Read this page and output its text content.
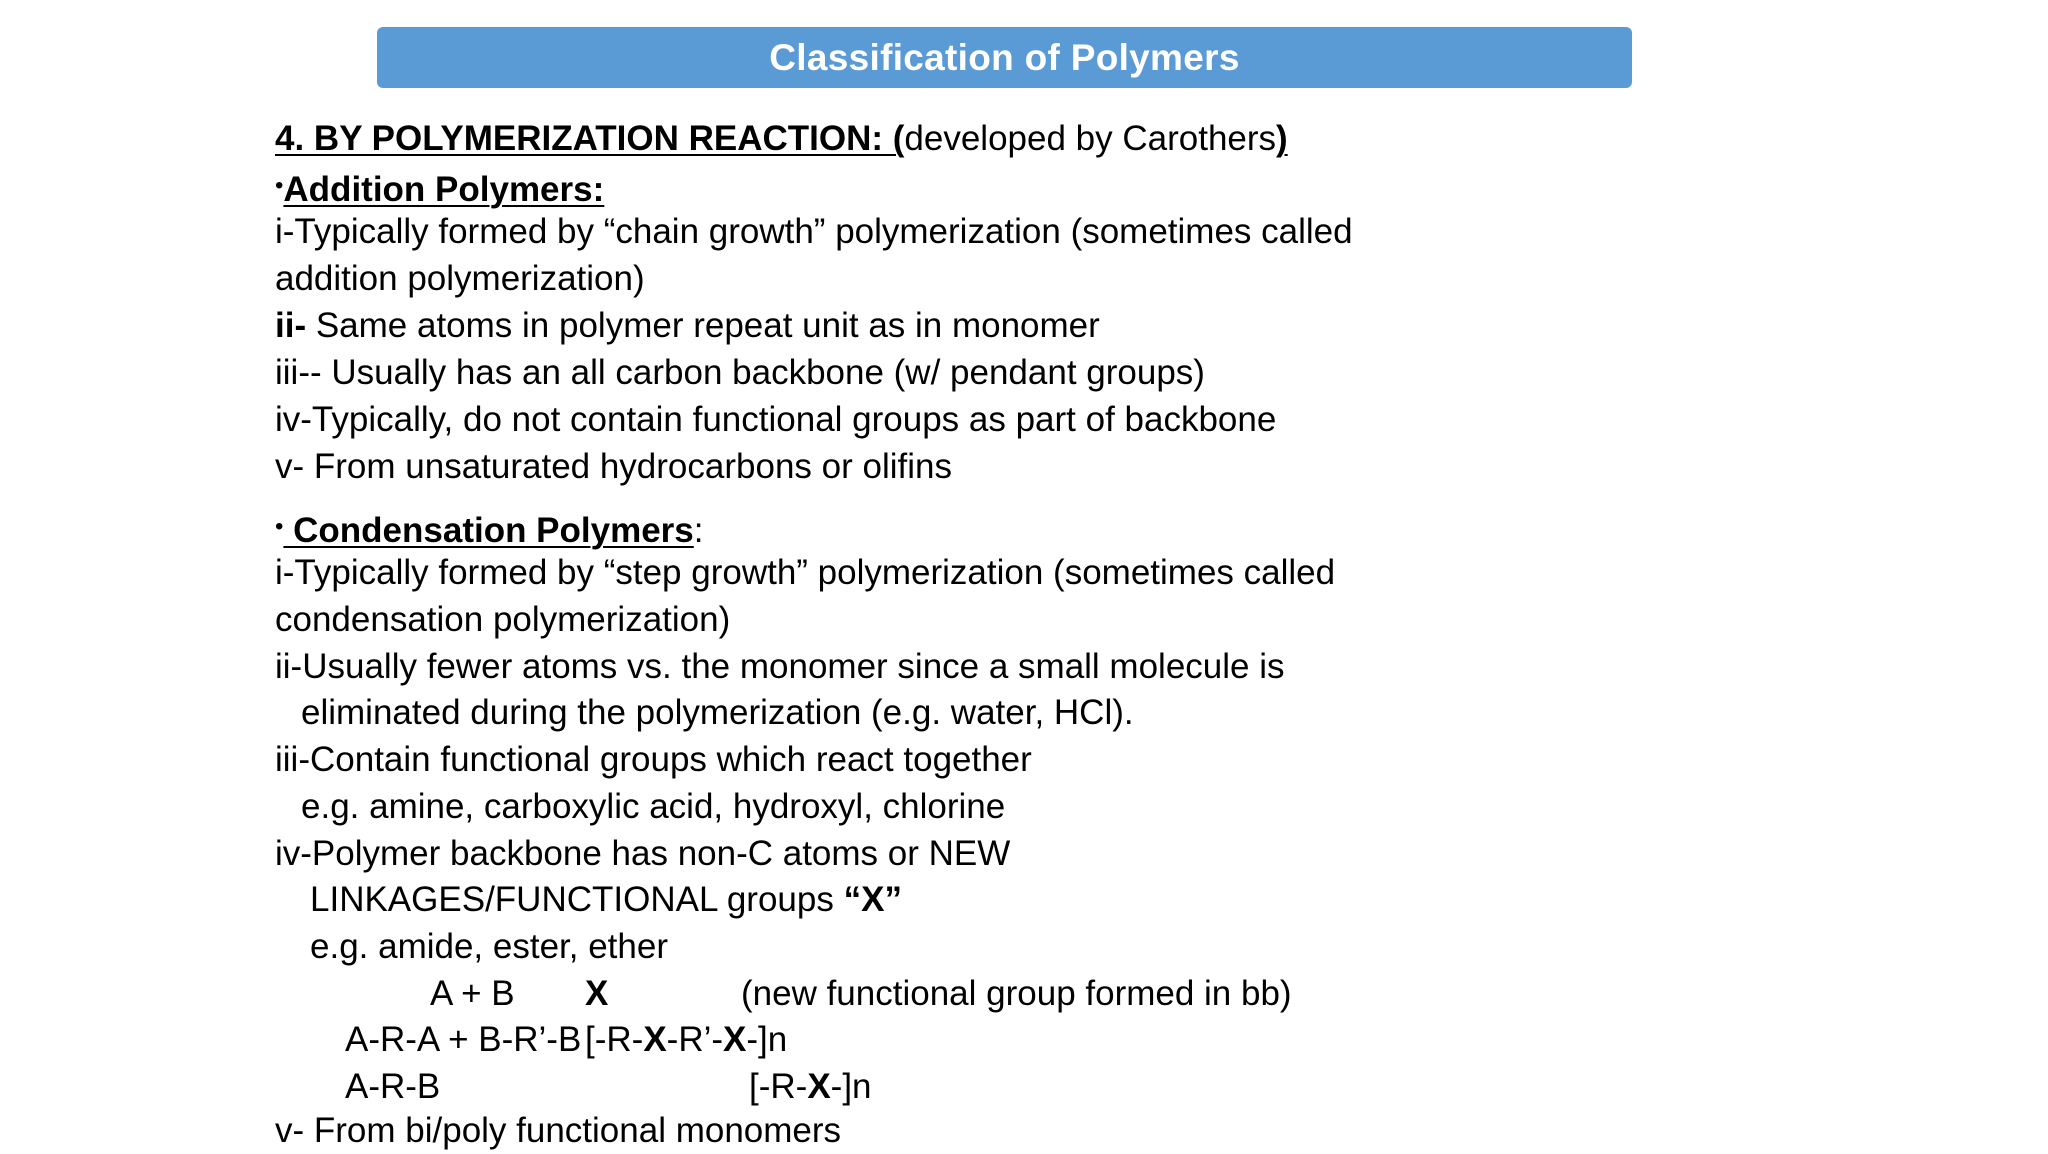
Classification of Polymers
4. BY POLYMERIZATION REACTION: (developed by Carothers)
•Addition Polymers:
i-Typically formed by “chain growth” polymerization (sometimes called
addition polymerization)
ii- Same atoms in polymer repeat unit as in monomer
iii-- Usually has an all carbon backbone (w/ pendant groups)
iv-Typically, do not contain functional groups as part of backbone
v- From unsaturated hydrocarbons or olifins
• Condensation Polymers:
i-Typically formed by “step growth” polymerization (sometimes called
condensation polymerization)
ii-Usually fewer atoms vs. the monomer since a small molecule is
eliminated during the polymerization (e.g. water, HCl).
iii-Contain functional groups which react together
e.g. amine, carboxylic acid, hydroxyl, chlorine
iv-Polymer backbone has non-C atoms or NEW
LINKAGES/FUNCTIONAL groups “X”
e.g. amide, ester, ether
A + B X	(new functional group formed in bb)
A-R-A + B-R’-B [-R-X-R’-X-]n
A-R-B	[-R-X-]n
v- From bi/poly functional monomers
